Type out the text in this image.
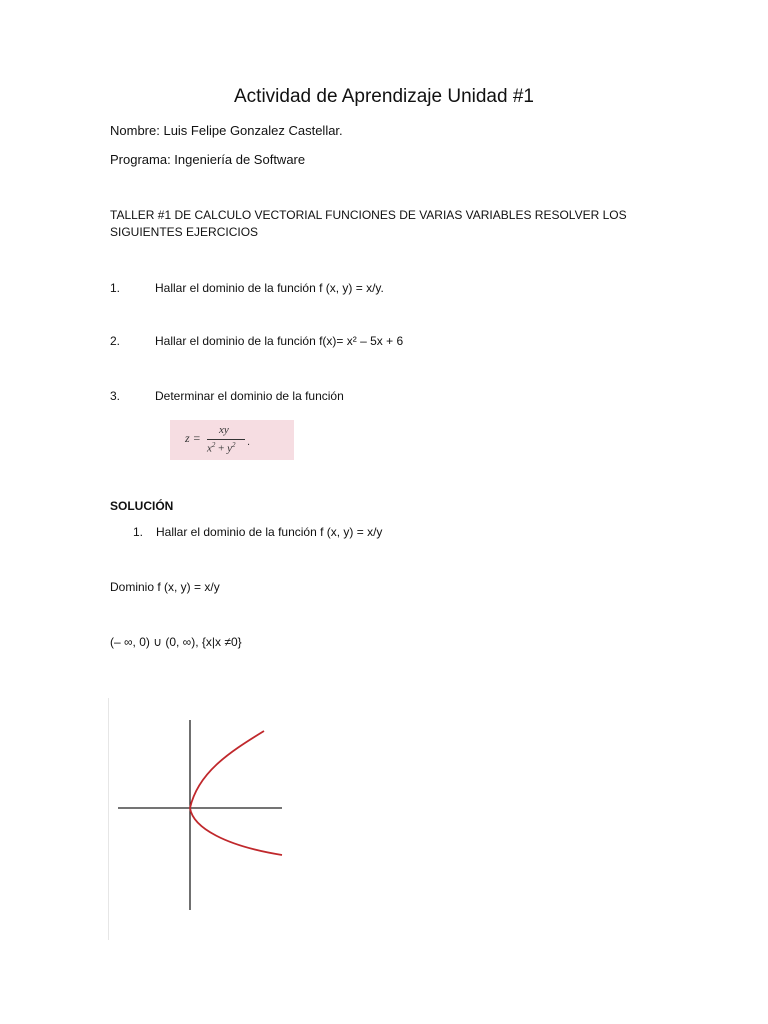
Actividad de Aprendizaje Unidad #1
Nombre: Luis Felipe Gonzalez Castellar.
Programa: Ingeniería de Software
TALLER #1 DE CALCULO VECTORIAL FUNCIONES DE VARIAS VARIABLES RESOLVER LOS
SIGUIENTES EJERCICIOS
1.	Hallar el dominio de la función f (x, y) = x/y.
2.	Hallar el dominio de la función f(x)= x² – 5x + 6
3.	Determinar el dominio de la función
z =
xy
$x^2 + y^2$ .
SOLUCIÓN
1. Hallar el dominio de la función f (x, y) = x/y
Dominio f (x, y) = x/y
(– ∞, 0) ∪ (0, ∞), {x|x ≠0}
